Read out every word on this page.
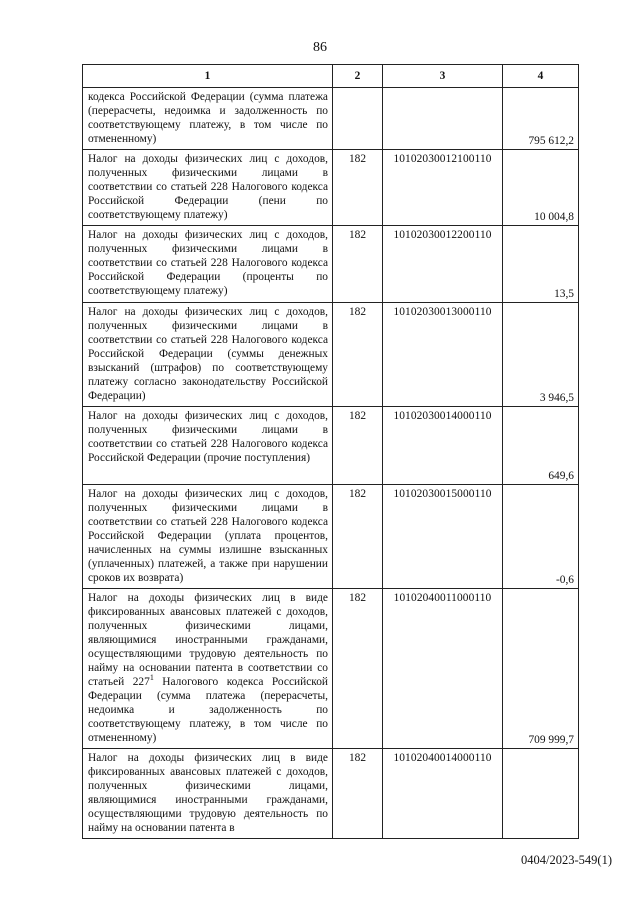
86
1	2	3	4
кодекса Российской Федерации (сумма платежа (перерасчеты, недоимка и задолженность по соответствующему платежу, в том числе по отмененному)			795 612,2
Налог на доходы физических лиц с доходов, полученных физическими лицами в соответствии со статьей 228 Налогового кодекса Российской Федерации (пени по соответствующему платежу)	182	10102030012100110	10 004,8
Налог на доходы физических лиц с доходов, полученных физическими лицами в соответствии со статьей 228 Налогового кодекса Российской Федерации (проценты по соответствующему платежу)	182	10102030012200110	13,5
Налог на доходы физических лиц с доходов, полученных физическими лицами в соответствии со статьей 228 Налогового кодекса Российской Федерации (суммы денежных взысканий (штрафов) по соответствующему платежу согласно законодательству Российской Федерации)	182	10102030013000110	3 946,5
Налог на доходы физических лиц с доходов, полученных физическими лицами в соответствии со статьей 228 Налогового кодекса Российской Федерации (прочие поступления)	182	10102030014000110	649,6
Налог на доходы физических лиц с доходов, полученных физическими лицами в соответствии со статьей 228 Налогового кодекса Российской Федерации (уплата процентов, начисленных на суммы излишне взысканных (уплаченных) платежей, а также при нарушении сроков их возврата)	182	10102030015000110	-0,6
Налог на доходы физических лиц в виде фиксированных авансовых платежей с доходов, полученных физическими лицами, являющимися иностранными гражданами, осуществляющими трудовую деятельность по найму на основании патента в соответствии со статьей $227^1$ Налогового кодекса Российской Федерации (сумма платежа (перерасчеты, недоимка и задолженность по соответствующему платежу, в том числе по отмененному)	182	10102040011000110	709 999,7
Налог на доходы физических лиц в виде фиксированных авансовых платежей с доходов, полученных физическими лицами, являющимися иностранными гражданами, осуществляющими трудовую деятельность по найму на основании патента в	182	10102040014000110	
0404/2023-549(1)
